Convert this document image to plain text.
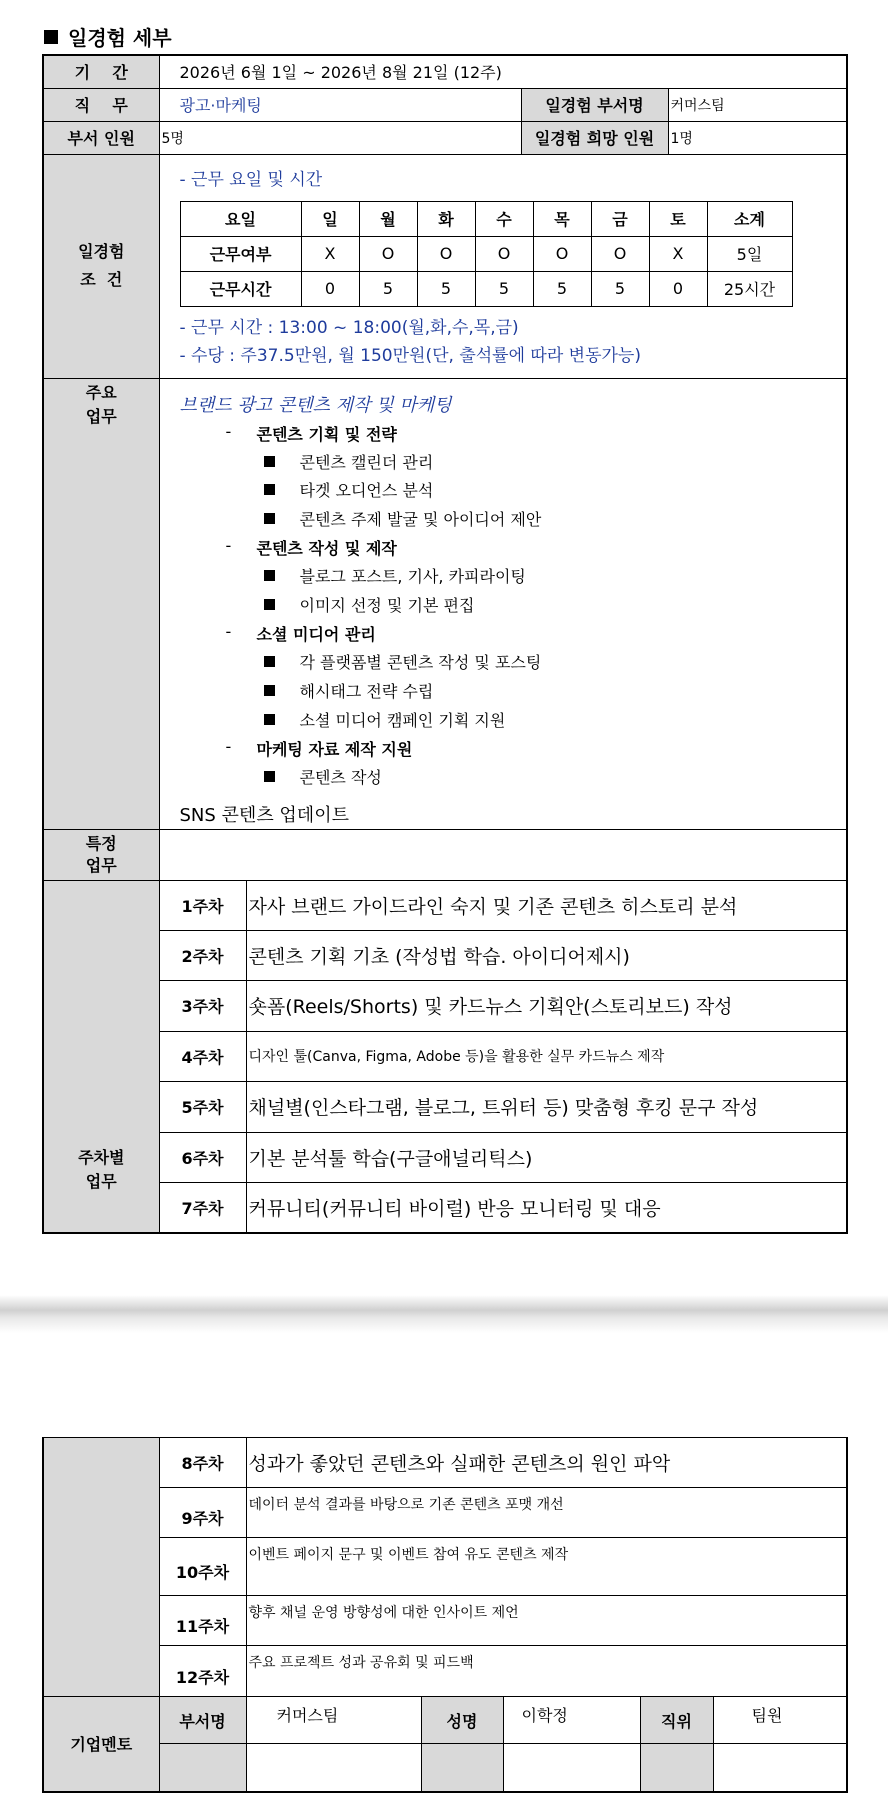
일경험 세부
기    간	2026년 6월 1일 ~ 2026년 8월 21일 (12주)
직    무	광고·마케팅	일경험 부서명	커머스팀
부서 인원	5명	일경험 희망 인원	1명

일경험
조  건

- 근무 요일 및 시간
요일	일	월	화	수	목	금	토	소계
근무여부	X	O	O	O	O	O	X	5일
근무시간	0	5	5	5	5	5	0	25시간
- 근무 시간 : 13:00 ~ 18:00(월,화,수,목,금)
- 수당 : 주37.5만원, 월 150만원(단, 출석률에 따라 변동가능)

주요
업무

브랜드 광고 콘텐츠 제작 및 마케팅
- 콘텐츠 기획 및 전략
콘텐츠 캘린더 관리
타겟 오디언스 분석
콘텐츠 주제 발굴 및 아이디어 제안
- 콘텐츠 작성 및 제작
블로그 포스트, 기사, 카피라이팅
이미지 선정 및 기본 편집
- 소셜 미디어 관리
각 플랫폼별 콘텐츠 작성 및 포스팅
해시태그 전략 수립
소셜 미디어 캠페인 기획 지원
- 마케팅 자료 제작 지원
콘텐츠 작성
SNS 콘텐츠 업데이트

특정
업무

주차별
업무
	1주차	자사 브랜드 가이드라인 숙지 및 기존 콘텐츠 히스토리 분석
2주차	콘텐츠 기획 기초 (작성법 학습. 아이디어제시)
3주차	숏폼(Reels/Shorts) 및 카드뉴스 기획안(스토리보드) 작성
4주차	디자인 툴(Canva, Figma, Adobe 등)을 활용한 실무 카드뉴스 제작
5주차	채널별(인스타그램, 블로그, 트위터 등) 맞춤형 후킹 문구 작성
6주차	기본 분석툴 학습(구글애널리틱스)
7주차	커뮤니티(커뮤니티 바이럴) 반응 모니터링 및 대응
	8주차	성과가 좋았던 콘텐츠와 실패한 콘텐츠의 원인 파악				
	9주차	데이터 분석 결과를 바탕으로 기존 콘텐츠 포맷 개선				
	10주차	이벤트 페이지 문구 및 이벤트 참여 유도 콘텐츠 제작				
	11주차	향후 채널 운영 방향성에 대한 인사이트 제언				
	12주차	주요 프로젝트 성과 공유회 및 피드백				
기업멘토	부서명	커머스팀	성명	이학정	직위	팀원
